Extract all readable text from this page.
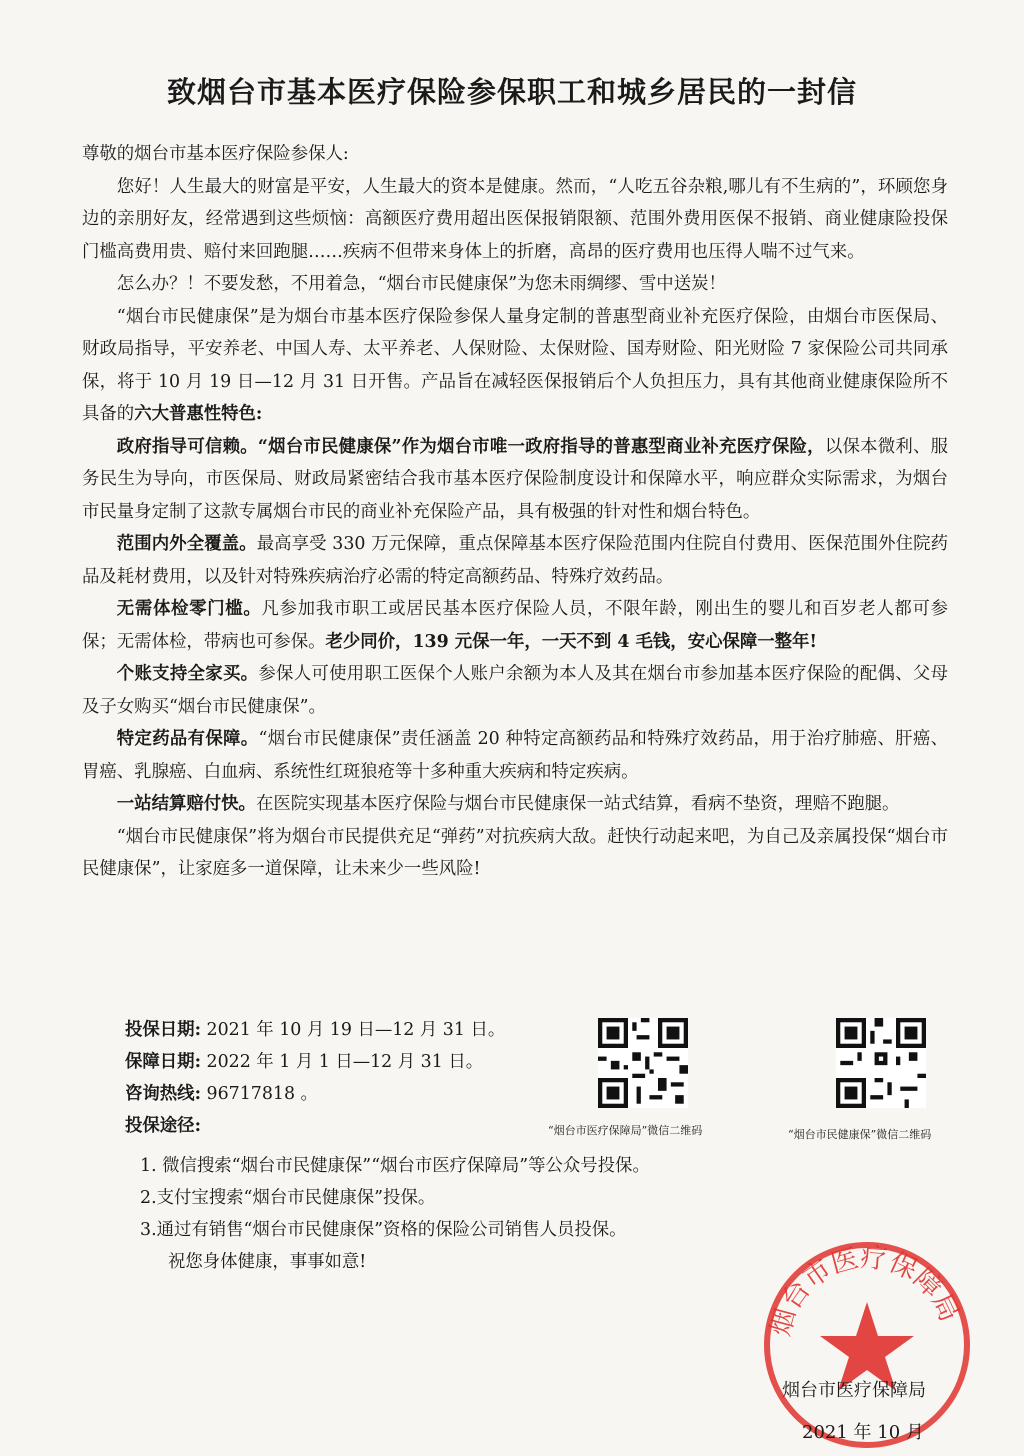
致烟台市基本医疗保险参保职工和城乡居民的一封信

尊敬的烟台市基本医疗保险参保人:

您好！人生最大的财富是平安，人生最大的资本是健康。然而，“人吃五谷杂粮,哪儿有不生病的”，环顾您身边的亲朋好友，经常遇到这些烦恼：高额医疗费用超出医保报销限额、范围外费用医保不报销、商业健康险投保门槛高费用贵、赔付来回跑腿……疾病不但带来身体上的折磨，高昂的医疗费用也压得人喘不过气来。

怎么办？！不要发愁，不用着急，“烟台市民健康保”为您未雨绸缪、雪中送炭！

“烟台市民健康保”是为烟台市基本医疗保险参保人量身定制的普惠型商业补充医疗保险，由烟台市医保局、财政局指导，平安养老、中国人寿、太平养老、人保财险、太保财险、国寿财险、阳光财险 7 家保险公司共同承保，将于 10 月 19 日—12 月 31 日开售。产品旨在减轻医保报销后个人负担压力，具有其他商业健康保险所不具备的六大普惠性特色:

政府指导可信赖。“烟台市民健康保”作为烟台市唯一政府指导的普惠型商业补充医疗保险，以保本微利、服务民生为导向，市医保局、财政局紧密结合我市基本医疗保险制度设计和保障水平，响应群众实际需求，为烟台市民量身定制了这款专属烟台市民的商业补充保险产品，具有极强的针对性和烟台特色。

范围内外全覆盖。最高享受 330 万元保障，重点保障基本医疗保险范围内住院自付费用、医保范围外住院药品及耗材费用，以及针对特殊疾病治疗必需的特定高额药品、特殊疗效药品。

无需体检零门槛。凡参加我市职工或居民基本医疗保险人员，不限年龄，刚出生的婴儿和百岁老人都可参保；无需体检，带病也可参保。老少同价，139 元保一年，一天不到 4 毛钱，安心保障一整年!

个账支持全家买。参保人可使用职工医保个人账户余额为本人及其在烟台市参加基本医疗保险的配偶、父母及子女购买“烟台市民健康保”。

特定药品有保障。“烟台市民健康保”责任涵盖 20 种特定高额药品和特殊疗效药品，用于治疗肺癌、肝癌、胃癌、乳腺癌、白血病、系统性红斑狼疮等十多种重大疾病和特定疾病。

一站结算赔付快。在医院实现基本医疗保险与烟台市民健康保一站式结算，看病不垫资，理赔不跑腿。

“烟台市民健康保”将为烟台市民提供充足“弹药”对抗疾病大敌。赶快行动起来吧，为自己及亲属投保“烟台市民健康保”，让家庭多一道保障，让未来少一些风险!

投保日期: 2021 年 10 月 19 日—12 月 31 日。
保障日期: 2022 年 1 月 1 日—12 月 31 日。
咨询热线: 96717818 。
投保途径:	“烟台市医疗保障局”微信二维码	“烟台市民健康保”微信二维码
1. 微信搜索“烟台市民健康保”“烟台市医疗保障局”等公众号投保。
2.支付宝搜索“烟台市民健康保”投保。
3.通过有销售“烟台市民健康保”资格的保险公司销售人员投保。
祝您身体健康，事事如意!
烟台市医疗保障局
烟台市医疗保障局
2021 年 10 月
